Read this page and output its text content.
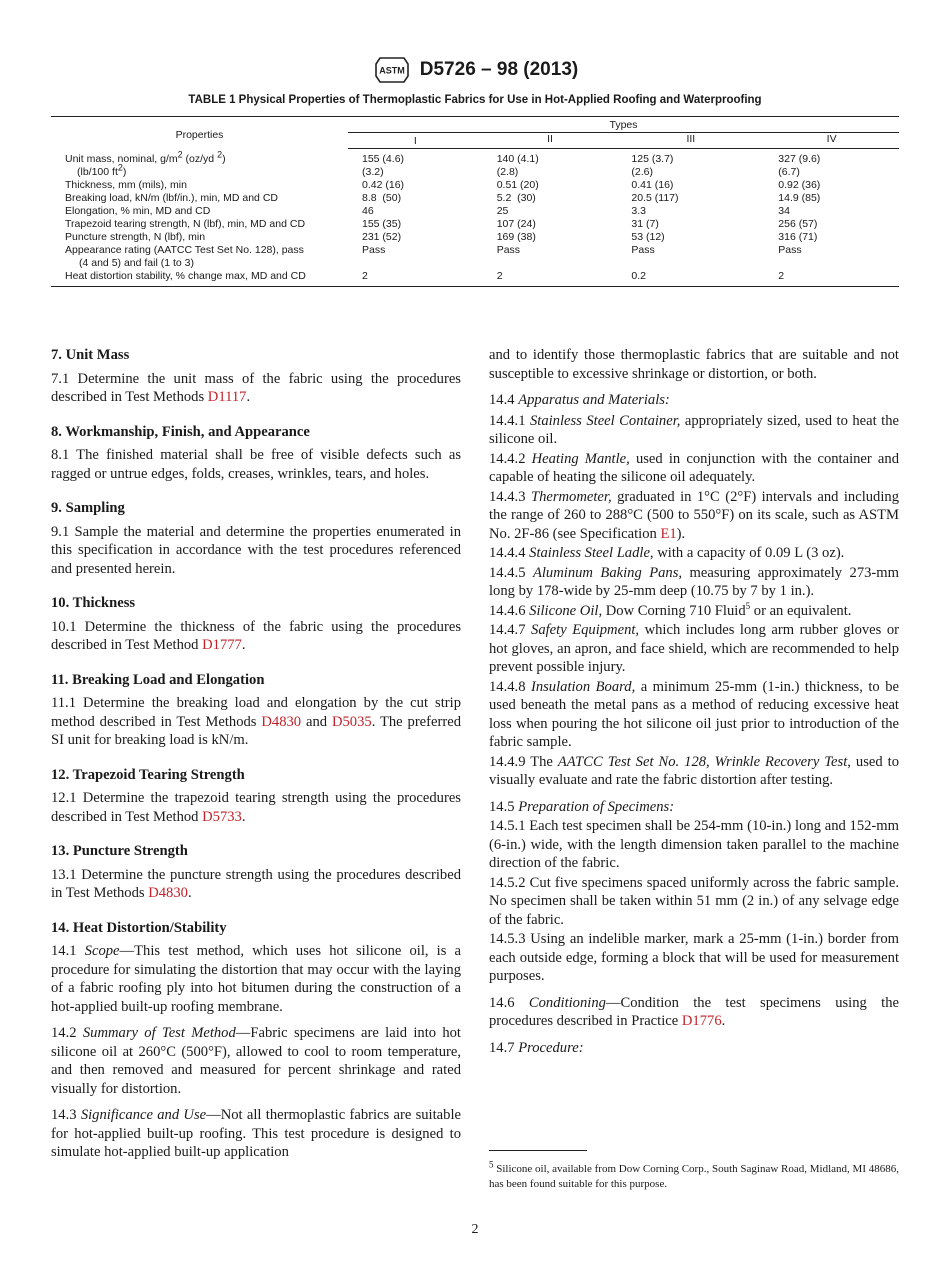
ASTM D5726 – 98 (2013)
TABLE 1 Physical Properties of Thermoplastic Fabrics for Use in Hot-Applied Roofing and Waterproofing
Properties	Types			
	I	II	III	IV
Unit mass, nominal, $g/m^2$ (oz/yd $^2$)	155 (4.6)	140 (4.1)	125 (3.7)	327 (9.6)
(lb/100 $ft^2$)	(3.2)	(2.8)	(2.6)	(6.7)
Thickness, mm (mils), min	0.42 (16)	0.51 (20)	0.41 (16)	0.92 (36)
Breaking load, kN/m (lbf/in.), min, MD and CD	8.8  (50)	5.2  (30)	20.5 (117)	14.9 (85)
Elongation, % min, MD and CD	46	25	3.3	34
Trapezoid tearing strength, N (lbf), min, MD and CD	155 (35)	107 (24)	31 (7)	256 (57)
Puncture strength, N (lbf), min	231 (52)	169 (38)	53 (12)	316 (71)

Appearance rating (AATCC Test Set No. 128), pass
(4 and 5) and fail (1 to 3)	Pass	Pass	Pass	Pass
Heat distortion stability, % change max, MD and CD	2	2	0.2	2
7. Unit Mass

7.1 Determine the unit mass of the fabric using the procedures described in Test Methods D1117.

8. Workmanship, Finish, and Appearance

8.1 The finished material shall be free of visible defects such as ragged or untrue edges, folds, creases, wrinkles, tears, and holes.

9. Sampling

9.1 Sample the material and determine the properties enumerated in this specification in accordance with the test procedures referenced and presented herein.

10. Thickness

10.1 Determine the thickness of the fabric using the procedures described in Test Method D1777.

11. Breaking Load and Elongation

11.1 Determine the breaking load and elongation by the cut strip method described in Test Methods D4830 and D5035. The preferred SI unit for breaking load is kN/m.

12. Trapezoid Tearing Strength

12.1 Determine the trapezoid tearing strength using the procedures described in Test Method D5733.

13. Puncture Strength

13.1 Determine the puncture strength using the procedures described in Test Methods D4830.

14. Heat Distortion/Stability

14.1 Scope—This test method, which uses hot silicone oil, is a procedure for simulating the distortion that may occur with the laying of a fabric roofing ply into hot bitumen during the construction of a hot-applied built-up roofing membrane.

14.2 Summary of Test Method—Fabric specimens are laid into hot silicone oil at 260°C (500°F), allowed to cool to room temperature, and then removed and measured for percent shrinkage and rated visually for distortion.

14.3 Significance and Use—Not all thermoplastic fabrics are suitable for hot-applied built-up roofing. This test procedure is designed to simulate hot-applied built-up application

and to identify those thermoplastic fabrics that are suitable and not susceptible to excessive shrinkage or distortion, or both.

14.4 Apparatus and Materials:

14.4.1 Stainless Steel Container, appropriately sized, used to heat the silicone oil.

14.4.2 Heating Mantle, used in conjunction with the container and capable of heating the silicone oil adequately.

14.4.3 Thermometer, graduated in 1°C (2°F) intervals and including the range of 260 to 288°C (500 to 550°F) on its scale, such as ASTM No. 2F-86 (see Specification E1).

14.4.4 Stainless Steel Ladle, with a capacity of 0.09 L (3 oz).

14.4.5 Aluminum Baking Pans, measuring approximately 273-mm long by 178-wide by 25-mm deep (10.75 by 7 by 1 in.).

14.4.6 Silicone Oil, Dow Corning 710 Fluid$^5$ or an equivalent.

14.4.7 Safety Equipment, which includes long arm rubber gloves or hot gloves, an apron, and face shield, which are recommended to help prevent possible injury.

14.4.8 Insulation Board, a minimum 25-mm (1-in.) thickness, to be used beneath the metal pans as a method of reducing excessive heat loss when pouring the hot silicone oil just prior to introduction of the fabric sample.

14.4.9 The AATCC Test Set No. 128, Wrinkle Recovery Test, used to visually evaluate and rate the fabric distortion after testing.

14.5 Preparation of Specimens:

14.5.1 Each test specimen shall be 254-mm (10-in.) long and 152-mm (6-in.) wide, with the length dimension taken parallel to the machine direction of the fabric.

14.5.2 Cut five specimens spaced uniformly across the fabric sample. No specimen shall be taken within 51 mm (2 in.) of any selvage edge of the fabric.

14.5.3 Using an indelible marker, mark a 25-mm (1-in.) border from each outside edge, forming a block that will be used for measurement purposes.

14.6 Conditioning—Condition the test specimens using the procedures described in Practice D1776.

14.7 Procedure:

$^5$ Silicone oil, available from Dow Corning Corp., South Saginaw Road, Midland, MI 48686, has been found suitable for this purpose.
2
